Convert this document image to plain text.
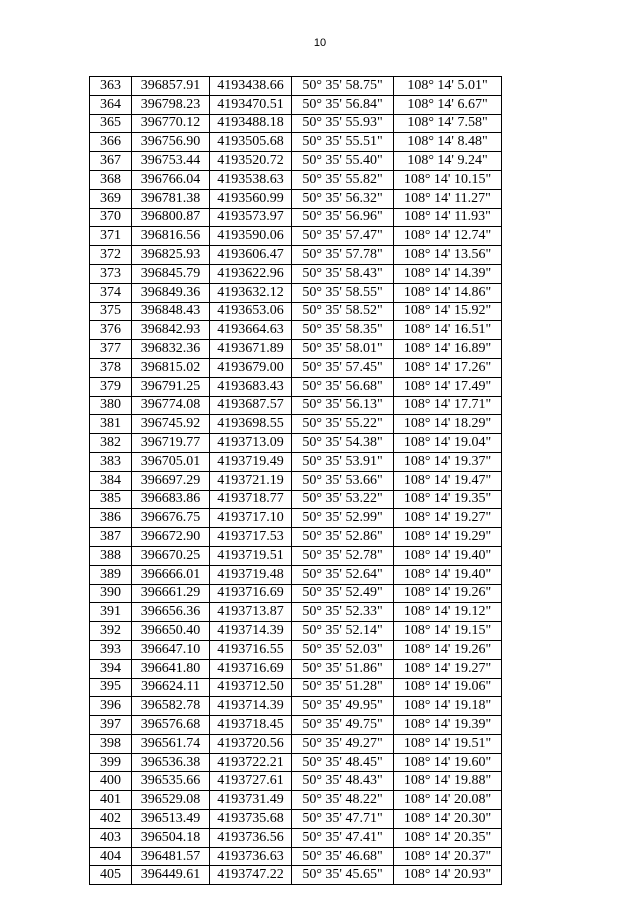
10
363	396857.91	4193438.66	50° 35' 58.75"	108° 14' 5.01"
364	396798.23	4193470.51	50° 35' 56.84"	108° 14' 6.67"
365	396770.12	4193488.18	50° 35' 55.93"	108° 14' 7.58"
366	396756.90	4193505.68	50° 35' 55.51"	108° 14' 8.48"
367	396753.44	4193520.72	50° 35' 55.40"	108° 14' 9.24"
368	396766.04	4193538.63	50° 35' 55.82"	108° 14' 10.15"
369	396781.38	4193560.99	50° 35' 56.32"	108° 14' 11.27"
370	396800.87	4193573.97	50° 35' 56.96"	108° 14' 11.93"
371	396816.56	4193590.06	50° 35' 57.47"	108° 14' 12.74"
372	396825.93	4193606.47	50° 35' 57.78"	108° 14' 13.56"
373	396845.79	4193622.96	50° 35' 58.43"	108° 14' 14.39"
374	396849.36	4193632.12	50° 35' 58.55"	108° 14' 14.86"
375	396848.43	4193653.06	50° 35' 58.52"	108° 14' 15.92"
376	396842.93	4193664.63	50° 35' 58.35"	108° 14' 16.51"
377	396832.36	4193671.89	50° 35' 58.01"	108° 14' 16.89"
378	396815.02	4193679.00	50° 35' 57.45"	108° 14' 17.26"
379	396791.25	4193683.43	50° 35' 56.68"	108° 14' 17.49"
380	396774.08	4193687.57	50° 35' 56.13"	108° 14' 17.71"
381	396745.92	4193698.55	50° 35' 55.22"	108° 14' 18.29"
382	396719.77	4193713.09	50° 35' 54.38"	108° 14' 19.04"
383	396705.01	4193719.49	50° 35' 53.91"	108° 14' 19.37"
384	396697.29	4193721.19	50° 35' 53.66"	108° 14' 19.47"
385	396683.86	4193718.77	50° 35' 53.22"	108° 14' 19.35"
386	396676.75	4193717.10	50° 35' 52.99"	108° 14' 19.27"
387	396672.90	4193717.53	50° 35' 52.86"	108° 14' 19.29"
388	396670.25	4193719.51	50° 35' 52.78"	108° 14' 19.40"
389	396666.01	4193719.48	50° 35' 52.64"	108° 14' 19.40"
390	396661.29	4193716.69	50° 35' 52.49"	108° 14' 19.26"
391	396656.36	4193713.87	50° 35' 52.33"	108° 14' 19.12"
392	396650.40	4193714.39	50° 35' 52.14"	108° 14' 19.15"
393	396647.10	4193716.55	50° 35' 52.03"	108° 14' 19.26"
394	396641.80	4193716.69	50° 35' 51.86"	108° 14' 19.27"
395	396624.11	4193712.50	50° 35' 51.28"	108° 14' 19.06"
396	396582.78	4193714.39	50° 35' 49.95"	108° 14' 19.18"
397	396576.68	4193718.45	50° 35' 49.75"	108° 14' 19.39"
398	396561.74	4193720.56	50° 35' 49.27"	108° 14' 19.51"
399	396536.38	4193722.21	50° 35' 48.45"	108° 14' 19.60"
400	396535.66	4193727.61	50° 35' 48.43"	108° 14' 19.88"
401	396529.08	4193731.49	50° 35' 48.22"	108° 14' 20.08"
402	396513.49	4193735.68	50° 35' 47.71"	108° 14' 20.30"
403	396504.18	4193736.56	50° 35' 47.41"	108° 14' 20.35"
404	396481.57	4193736.63	50° 35' 46.68"	108° 14' 20.37"
405	396449.61	4193747.22	50° 35' 45.65"	108° 14' 20.93"
